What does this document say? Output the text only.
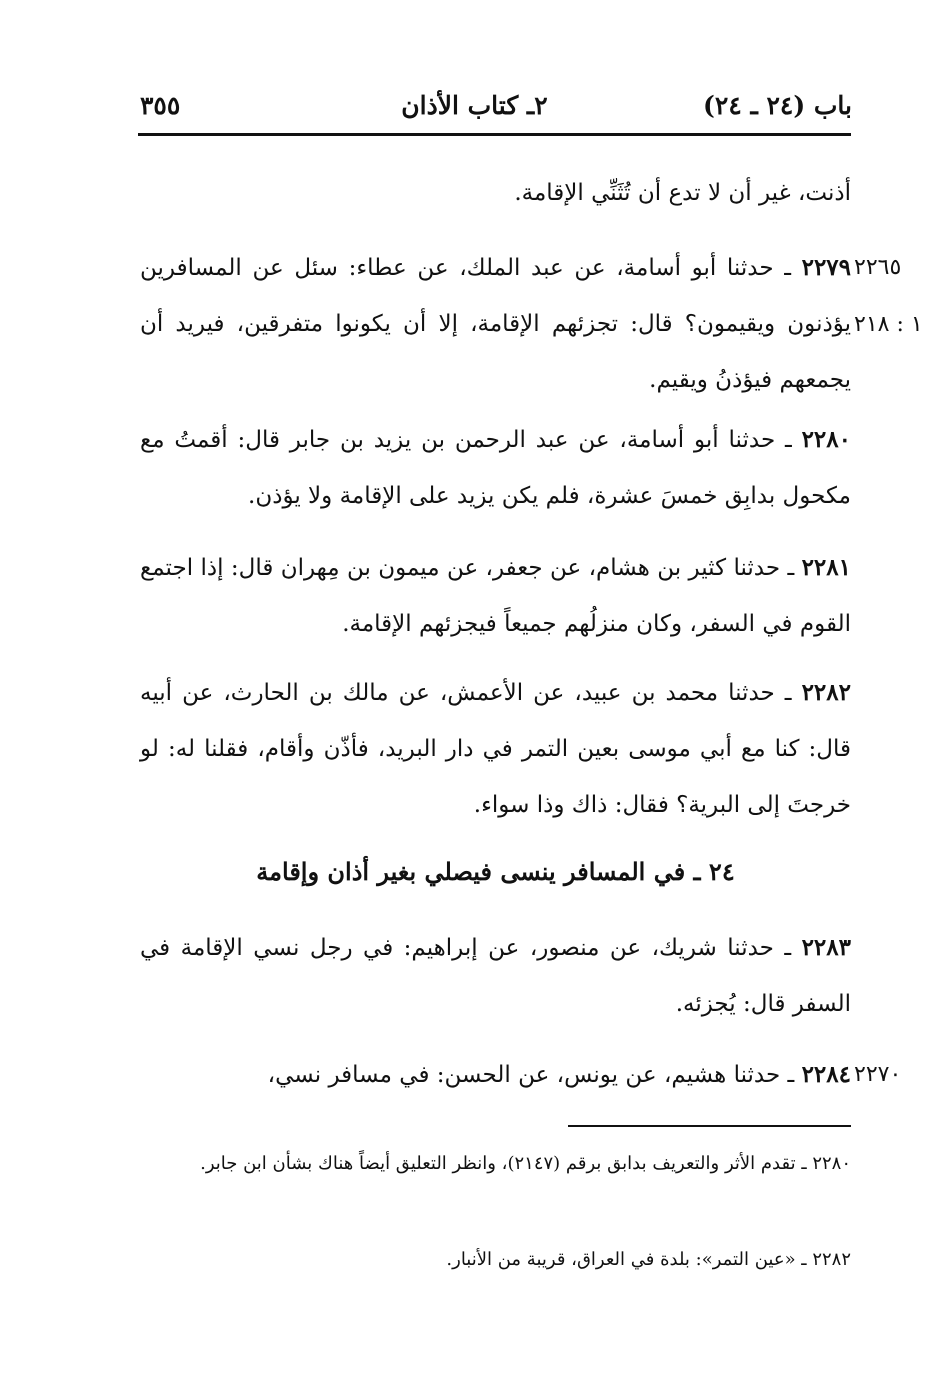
باب (٢٤ ـ ٢٤)
٢ـ كتاب الأذان
٣٥٥

أذنت، غير أن لا تدع أن تُثَنِّي الإقامة.

٢٢٧٩ ـ حدثنا أبو أسامة، عن عبد الملك، عن عطاء: سئل عن المسافرين يؤذنون ويقيمون؟ قال: تجزئهم الإقامة، إلا أن يكونوا متفرقين، فيريد أن يجمعهم فيؤذنُ ويقيم.

٢٢٨٠ ـ حدثنا أبو أسامة، عن عبد الرحمن بن يزيد بن جابر قال: أقمتُ مع مكحول بدابِق خمسَ عشرة، فلم يكن يزيد على الإقامة ولا يؤذن.

٢٢٨١ ـ حدثنا كثير بن هشام، عن جعفر، عن ميمون بن مِهران قال: إذا اجتمع القوم في السفر، وكان منزلُهم جميعاً فيجزئهم الإقامة.

٢٢٨٢ ـ حدثنا محمد بن عبيد، عن الأعمش، عن مالك بن الحارث، عن أبيه قال: كنا مع أبي موسى بعين التمر في دار البريد، فأذّن وأقام، فقلنا له: لو خرجتَ إلى البرية؟ فقال: ذاك وذا سواء.

٢٤ ـ في المسافر ينسى فيصلي بغير أذان وإقامة

٢٢٨٣ ـ حدثنا شريك، عن منصور، عن إبراهيم: في رجل نسي الإقامة في السفر قال: يُجزئه.

٢٢٨٤ ـ حدثنا هشيم، عن يونس، عن الحسن: في مسافر نسي،

٢٢٦٥
١ : ٢١٨
٢٢٧٠

٢٢٨٠ ـ تقدم الأثر والتعريف بدابق برقم (٢١٤٧)، وانظر التعليق أيضاً هناك بشأن ابن جابر.

٢٢٨٢ ـ «عين التمر»: بلدة في العراق، قريبة من الأنبار.
